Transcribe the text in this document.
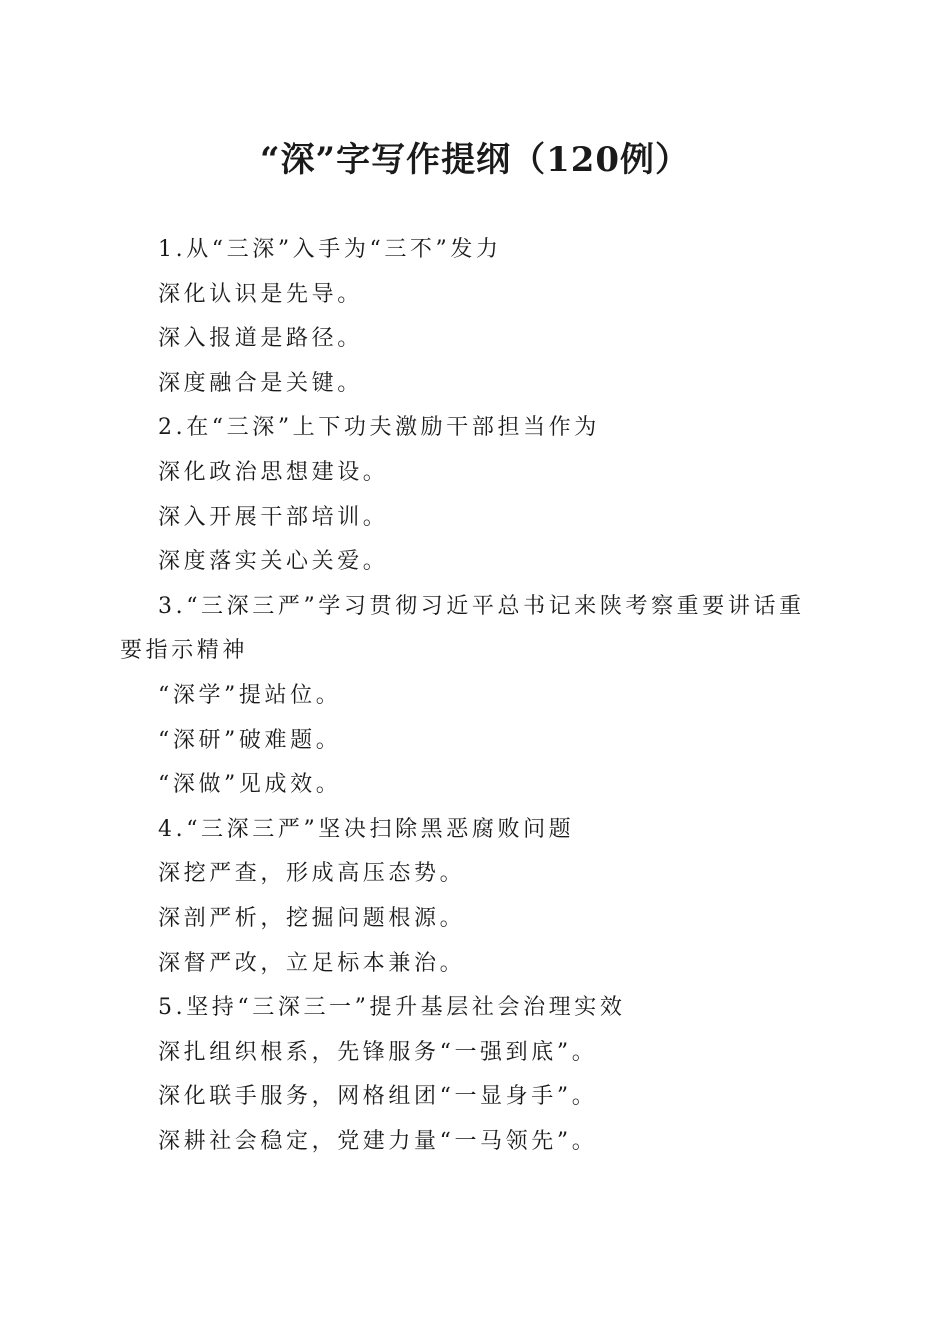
“深”字写作提纲（120例）

1.从“三深”入手为“三不”发力

深化认识是先导。

深入报道是路径。

深度融合是关键。

2.在“三深”上下功夫激励干部担当作为

深化政治思想建设。

深入开展干部培训。

深度落实关心关爱。

3.“三深三严”学习贯彻习近平总书记来陕考察重要讲话重

要指示精神

“深学”提站位。

“深研”破难题。

“深做”见成效。

4.“三深三严”坚决扫除黑恶腐败问题

深挖严查，形成高压态势。

深剖严析，挖掘问题根源。

深督严改，立足标本兼治。

5.坚持“三深三一”提升基层社会治理实效

深扎组织根系，先锋服务“一强到底”。

深化联手服务，网格组团“一显身手”。

深耕社会稳定，党建力量“一马领先”。
